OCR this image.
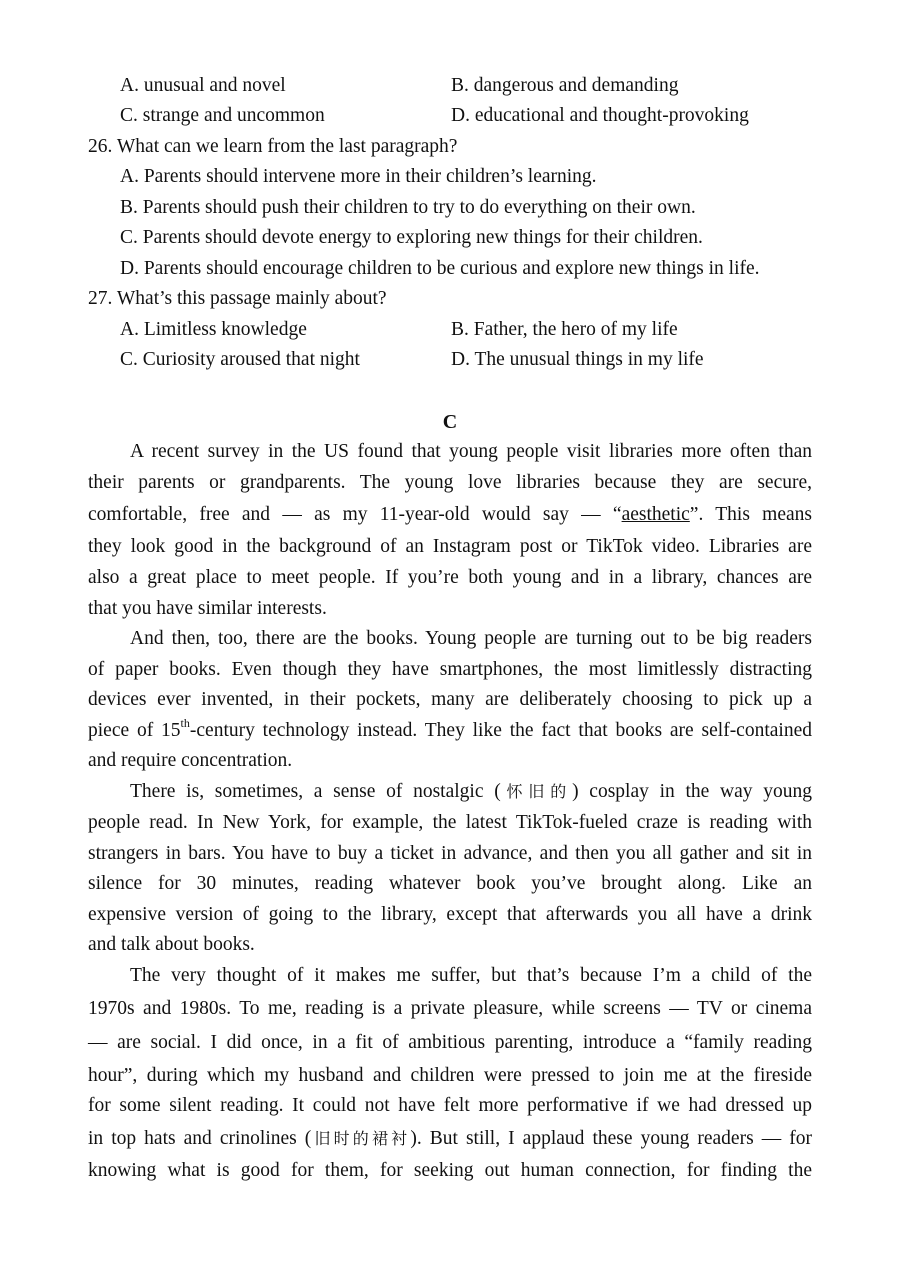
A. unusual and novel	B. dangerous and demanding
C. strange and uncommon	D. educational and thought-provoking
26. What can we learn from the last paragraph?
A. Parents should intervene more in their children’s learning.
B. Parents should push their children to try to do everything on their own.
C. Parents should devote energy to exploring new things for their children.
D. Parents should encourage children to be curious and explore new things in life.
27. What’s this passage mainly about?
A. Limitless knowledge	B. Father, the hero of my life
C. Curiosity aroused that night	D. The unusual things in my life
C
A recent survey in the US found that young people visit libraries more often than
their parents or grandparents. The young love libraries because they are secure,
comfortable, free and — as my 11-year-old would say — “aesthetic”. This means
they look good in the background of an Instagram post or TikTok video. Libraries are
also a great place to meet people. If you’re both young and in a library, chances are
that you have similar interests.
And then, too, there are the books. Young people are turning out to be big readers
of paper books. Even though they have smartphones, the most limitlessly distracting
devices ever invented, in their pockets, many are deliberately choosing to pick up a
piece of 15th-century technology instead. They like the fact that books are self-contained
and require concentration.
There is, sometimes, a sense of nostalgic (怀旧的) cosplay in the way young
people read. In New York, for example, the latest TikTok-fueled craze is reading with
strangers in bars. You have to buy a ticket in advance, and then you all gather and sit in
silence for 30 minutes, reading whatever book you’ve brought along. Like an
expensive version of going to the library, except that afterwards you all have a drink
and talk about books.
The very thought of it makes me suffer, but that’s because I’m a child of the
1970s and 1980s. To me, reading is a private pleasure, while screens — TV or cinema
— are social. I did once, in a fit of ambitious parenting, introduce a “family reading
hour”, during which my husband and children were pressed to join me at the fireside
for some silent reading. It could not have felt more performative if we had dressed up
in top hats and crinolines (旧时的裙衬). But still, I applaud these young readers — for
knowing what is good for them, for seeking out human connection, for finding the
